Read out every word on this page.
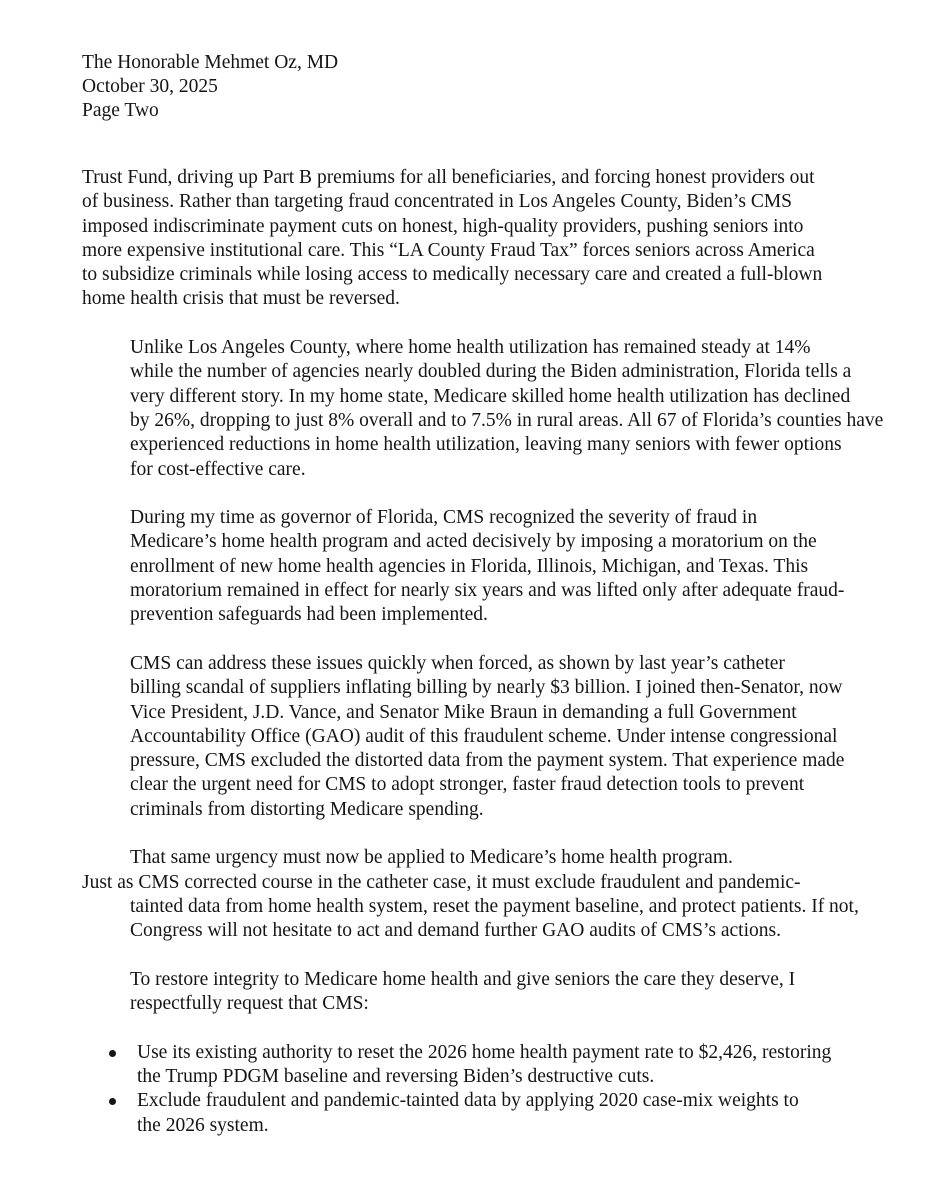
The Honorable Mehmet Oz, MD
October 30, 2025
Page Two

Trust Fund, driving up Part B premiums for all beneficiaries, and forcing honest providers out
of business. Rather than targeting fraud concentrated in Los Angeles County, Biden’s CMS
imposed indiscriminate payment cuts on honest, high-quality providers, pushing seniors into
more expensive institutional care. This “LA County Fraud Tax” forces seniors across America
to subsidize criminals while losing access to medically necessary care and created a full-blown
home health crisis that must be reversed.

Unlike Los Angeles County, where home health utilization has remained steady at 14%
while the number of agencies nearly doubled during the Biden administration, Florida tells a
very different story. In my home state, Medicare skilled home health utilization has declined
by 26%, dropping to just 8% overall and to 7.5% in rural areas. All 67 of Florida’s counties have
experienced reductions in home health utilization, leaving many seniors with fewer options
for cost-effective care.

During my time as governor of Florida, CMS recognized the severity of fraud in
Medicare’s home health program and acted decisively by imposing a moratorium on the
enrollment of new home health agencies in Florida, Illinois, Michigan, and Texas. This
moratorium remained in effect for nearly six years and was lifted only after adequate fraud-
prevention safeguards had been implemented.

CMS can address these issues quickly when forced, as shown by last year’s catheter
billing scandal of suppliers inflating billing by nearly $3 billion. I joined then-Senator, now
Vice President, J.D. Vance, and Senator Mike Braun in demanding a full Government
Accountability Office (GAO) audit of this fraudulent scheme. Under intense congressional
pressure, CMS excluded the distorted data from the payment system. That experience made
clear the urgent need for CMS to adopt stronger, faster fraud detection tools to prevent
criminals from distorting Medicare spending.

That same urgency must now be applied to Medicare’s home health program.
Just as CMS corrected course in the catheter case, it must exclude fraudulent and pandemic-
tainted data from home health system, reset the payment baseline, and protect patients. If not,
Congress will not hesitate to act and demand further GAO audits of CMS’s actions.

To restore integrity to Medicare home health and give seniors the care they deserve, I
respectfully request that CMS:

Use its existing authority to reset the 2026 home health payment rate to $2,426, restoring
the Trump PDGM baseline and reversing Biden’s destructive cuts.
Exclude fraudulent and pandemic-tainted data by applying 2020 case-mix weights to
the 2026 system.
